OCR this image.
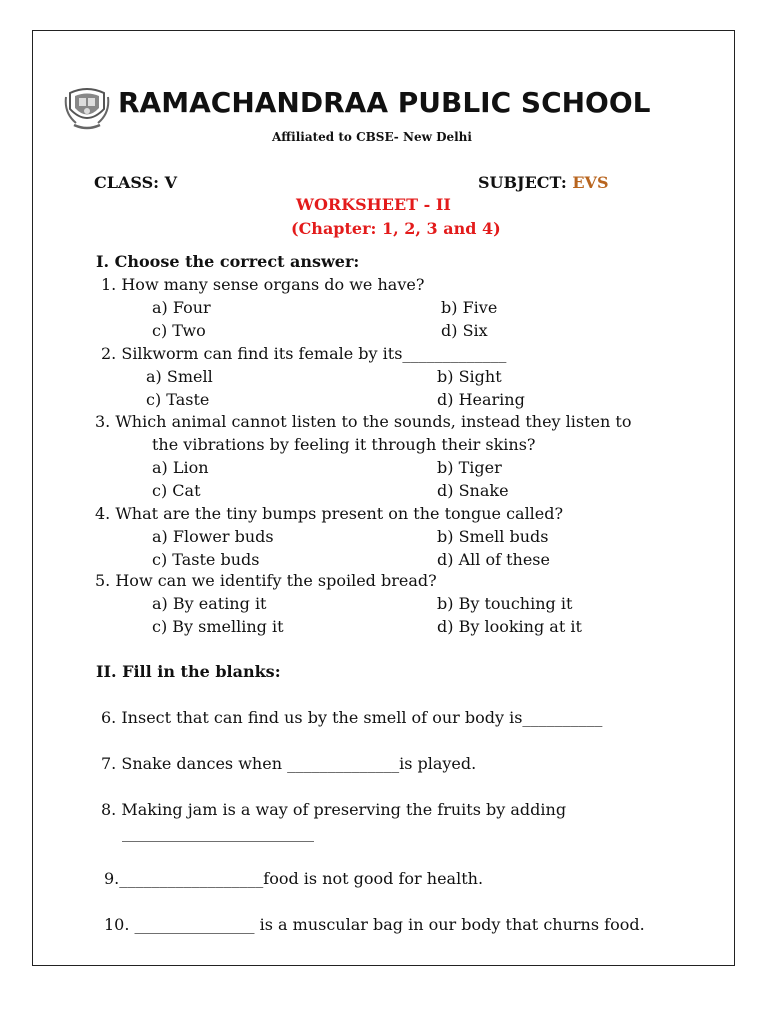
RAMACHANDRAA PUBLIC SCHOOL
Affiliated to CBSE- New Delhi
CLASS: V	SUBJECT: EVS
WORKSHEET - II
(Chapter: 1, 2, 3 and 4)
I. Choose the correct answer:
1. How many sense organs do we have?
a) Four	b) Five
c) Two	d) Six
2. Silkworm can find its female by its_____________
a) Smell	b) Sight
c) Taste	d) Hearing
3. Which animal cannot listen to the sounds, instead they listen to
the vibrations by feeling it through their skins?
a) Lion	b) Tiger
c) Cat	d) Snake
4. What are the tiny bumps present on the tongue called?
a) Flower buds	b) Smell buds
c) Taste buds	d) All of these
5. How can we identify the spoiled bread?
a) By eating it	b) By touching it
c) By smelling it	d) By looking at it
II. Fill in the blanks:
6. Insect that can find us by the smell of our body is__________
7. Snake dances when ______________is played.
8. Making jam is a way of preserving the fruits by adding
________________________
9.__________________food is not good for health.
10. _______________ is a muscular bag in our body that churns food.
